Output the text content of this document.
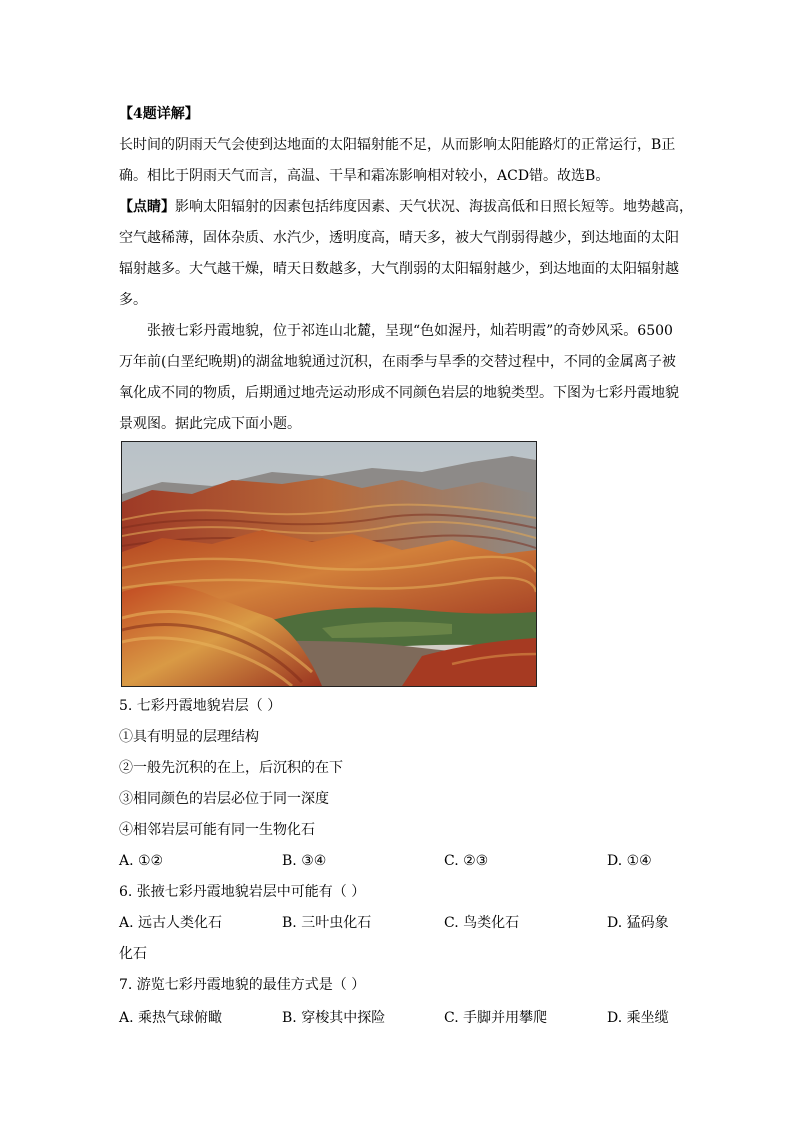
【4题详解】
长时间的阴雨天气会使到达地面的太阳辐射能不足，从而影响太阳能路灯的正常运行，B正
确。相比于阴雨天气而言，高温、干旱和霜冻影响相对较小，ACD错。故选B。
【点睛】影响太阳辐射的因素包括纬度因素、天气状况、海拔高低和日照长短等。地势越高，
空气越稀薄，固体杂质、水汽少，透明度高，晴天多，被大气削弱得越少，到达地面的太阳
辐射越多。大气越干燥，晴天日数越多，大气削弱的太阳辐射越少，到达地面的太阳辐射越
多。
张掖七彩丹霞地貌，位于祁连山北麓，呈现“色如渥丹，灿若明霞”的奇妙风采。6500
万年前(白垩纪晚期)的湖盆地貌通过沉积，在雨季与旱季的交替过程中，不同的金属离子被
氧化成不同的物质，后期通过地壳运动形成不同颜色岩层的地貌类型。下图为七彩丹霞地貌
景观图。据此完成下面小题。
5. 七彩丹霞地貌岩层（ ）
①具有明显的层理结构
②一般先沉积的在上，后沉积的在下
③相同颜色的岩层必位于同一深度
④相邻岩层可能有同一生物化石
A. ①②	B. ③④	C. ②③	D. ①④
6. 张掖七彩丹霞地貌岩层中可能有（ ）
A. 远古人类化石	B. 三叶虫化石	C. 鸟类化石	D. 猛码象
化石
7. 游览七彩丹霞地貌的最佳方式是（ ）
A. 乘热气球俯瞰	B. 穿梭其中探险	C. 手脚并用攀爬	D. 乘坐缆
